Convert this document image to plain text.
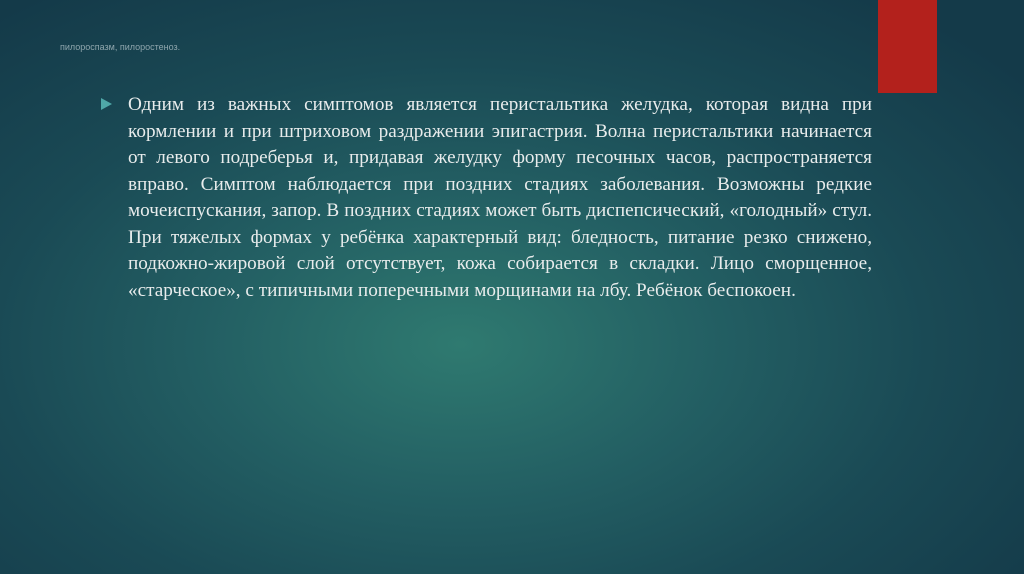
пилороспазм, пилоростеноз.

Одним из важных симптомов является перистальтика желудка, которая видна при кормлении и при штриховом раздражении эпигастрия. Волна перистальтики начинается от левого подреберья и, придавая желудку форму песочных часов, распространяется вправо. Симптом наблюдается при поздних стадиях заболевания. Возможны редкие мочеиспускания, запор. В поздних стадиях может быть диспепсический, «голодный» стул. При тяжелых формах у ребёнка характерный вид: бледность, питание резко снижено, подкожно-жировой слой отсутствует, кожа собирается в складки. Лицо сморщенное, «старческое», с типичными поперечными морщинами на лбу. Ребёнок беспокоен.
